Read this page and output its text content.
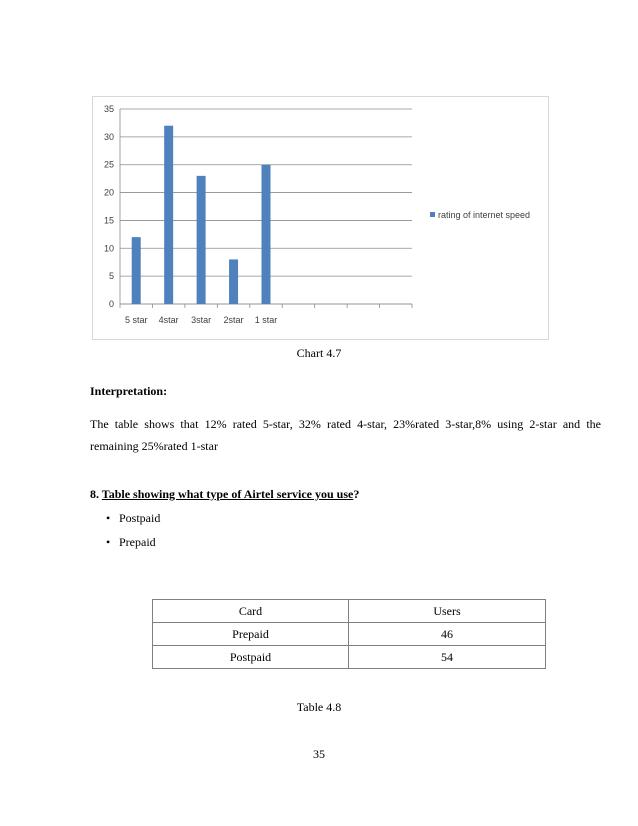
0
5
10
15
20
25
30
35
5 star 4star 3star 2star 1 star
rating of internet speed
Chart 4.7
Interpretation:
The table shows that 12% rated 5-star, 32% rated 4-star, 23%rated 3-star,8% using 2-star and the remaining 25%rated 1-star
8. Table showing what type of Airtel service you use?
• Postpaid
• Prepaid
Card	Users
Prepaid	46
Postpaid	54
Table 4.8
35
